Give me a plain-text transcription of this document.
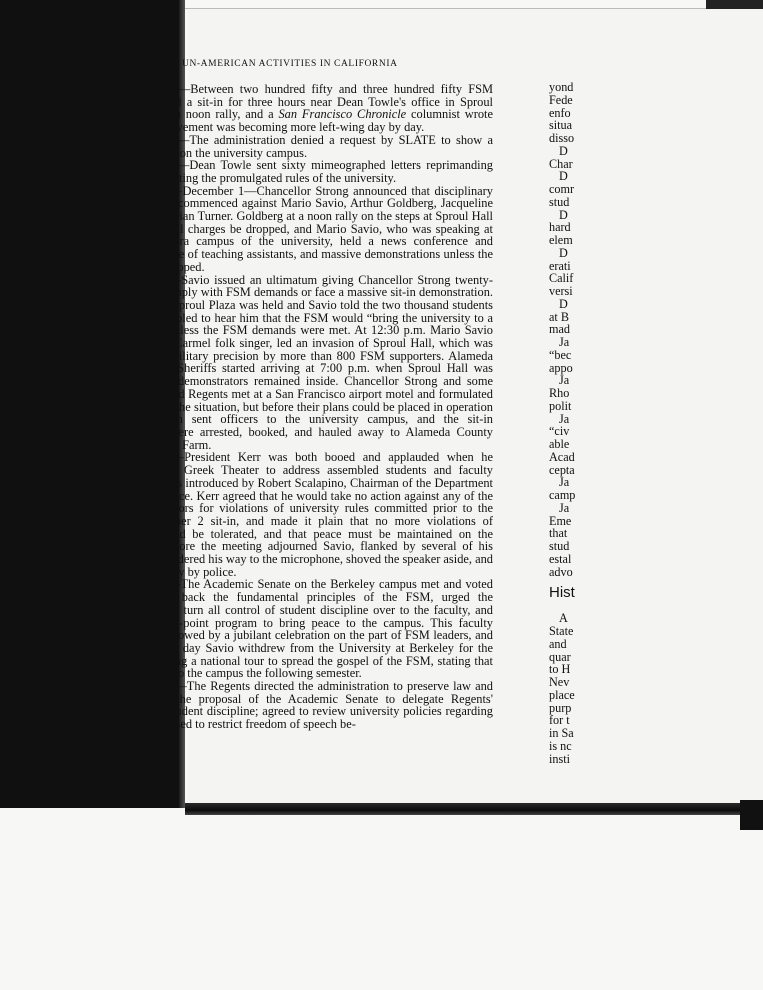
6	UN-AMERICAN ACTIVITIES IN CALIFORNIA

November 24—Between two hundred fifty and three hundred fifty FSM supporters staged a sit-in for three hours near Dean Towle's office in Sproul Hall, following a noon rally, and a San Francisco Chronicle columnist wrote that the FSM movement was becoming more left-wing day by day.

November 25—The administration denied a request by SLATE to show a homosexual film on the university campus.

November 26—Dean Towle sent sixty mimeographed letters reprimanding students for violating the promulgated rules of the university.

November 30–December 1—Chancellor Strong announced that disciplinary action would be commenced against Mario Savio, Arthur Goldberg, Jacqueline Goldberg, and Brian Turner. Goldberg at a noon rally on the steps at Sproul Hall demanded that all charges be dropped, and Mario Savio, who was speaking at the Santa Barbara campus of the university, held a news conference and threatened a strike of teaching assistants, and massive demonstrations unless the charges were dropped.

December 2—Savio issued an ultimatum giving Chancellor Strong twenty-four hours to comply with FSM demands or face a massive sit-in demonstration. A noon rally at Sproul Plaza was held and Savio told the two thousand students who were assembled to hear him that the FSM would “bring the university to a grinding halt” unless the FSM demands were met. At 12:30 p.m. Mario Savio and Joan Baez, Carmel folk singer, led an invasion of Sproul Hall, which was occupied with military precision by more than 800 FSM supporters. Alameda County Deputy Sheriffs started arriving at 7:00 p.m. when Sproul Hall was closed, and the demonstrators remained inside. Chancellor Strong and some hastily-summoned Regents met at a San Francisco airport motel and formulated strategy to meet the situation, but before their plans could be placed in operation Governor Brown sent officers to the university campus, and the sit-in demonstrators were arrested, booked, and hauled away to Alameda County Santa Rita Prison Farm.

December 7—President Kerr was both booed and applauded when he appeared in the Greek Theater to address assembled students and faculty members. He was introduced by Robert Scalapino, Chairman of the Department of Political Science. Kerr agreed that he would take no action against any of the FSM demonstrators for violations of university rules committed prior to the massive December 2 sit-in, and made it plain that no more violations of regulations would be tolerated, and that peace must be maintained on the campus. But before the meeting adjourned Savio, flanked by several of his supporters, shouldered his way to the microphone, shoved the speaker aside, and was dragged away by police.

December 8—The Academic Senate on the Berkeley campus met and voted 824 to 115 to back the fundamental principles of the FSM, urged the administration to turn all control of student discipline over to the faculty, and suggested a five-point program to bring peace to the campus. This faculty decision was followed by a jubilant celebration on the part of FSM leaders, and on the following day Savio withdrew from the University at Berkeley for the purpose of making a national tour to spread the gospel of the FSM, stating that he would return to the campus the following semester.

December 19—The Regents directed the administration to preserve law and order; rejected the proposal of the Academic Senate to delegate Regents' authority over student discipline; agreed to review university policies regarding free speech; refused to restrict freedom of speech be-

yond
Fede
enfo
situa
disso
D
Char
D
comr
stud
D
hard
elem
D
erati
Calif
versi
D
at B
mad
Ja
“bec
appo
Ja
Rho
polit
Ja
“civ
able
Acad
cepta
Ja
camp
Ja
Eme
that
stud
estal
advo
Hist
A
State
and
quar
to H
Nev
place
purp
for t
in Sa
is nc
insti
